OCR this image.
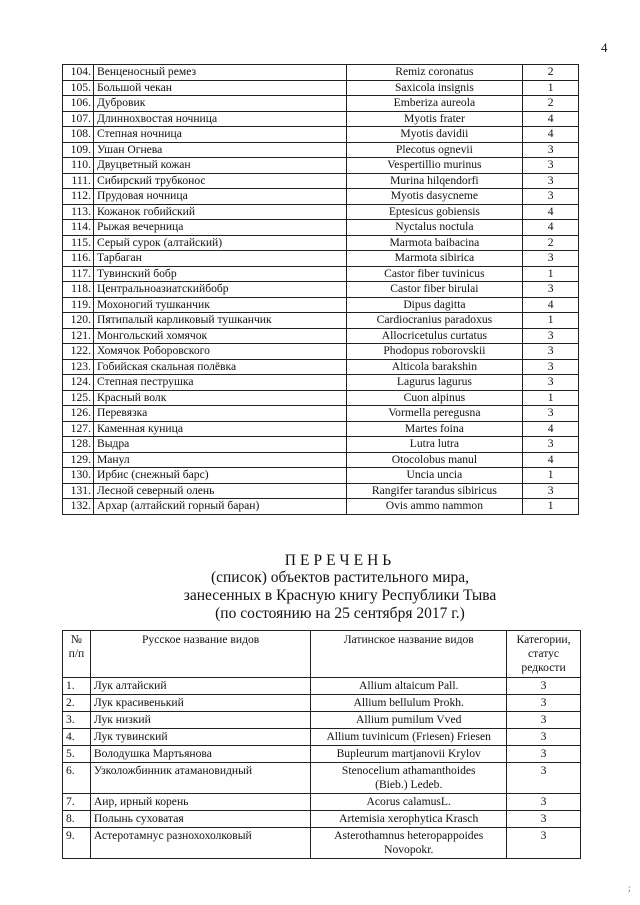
4
104.	Венценосный ремез	Remiz coronatus	2
105.	Большой чекан	Saxicola insignis	1
106.	Дубровик	Emberiza aureola	2
107.	Длиннохвостая ночница	Myotis frater	4
108.	Степная ночница	Myotis davidii	4
109.	Ушан Огнева	Plecotus ognevii	3
110.	Двуцветный кожан	Vespertillio murinus	3
111.	Сибирский трубконос	Murina hilqendorfi	3
112.	Прудовая ночница	Myotis dasycneme	3
113.	Кожанок гобийский	Eptesicus gobiensis	4
114.	Рыжая вечерница	Nyctalus noctula	4
115.	Серый сурок (алтайский)	Marmota baibacina	2
116.	Тарбаган	Marmota sibirica	3
117.	Тувинский бобр	Castor fiber tuvinicus	1
118.	Центральноазиатскийбобр	Castor fiber birulai	3
119.	Мохоногий тушканчик	Dipus dagitta	4
120.	Пятипалый карликовый тушканчик	Cardiocranius paradoxus	1
121.	Монгольский хомячок	Allocricetulus curtatus	3
122.	Хомячок Роборовского	Phodopus roborovskii	3
123.	Гобийская скальная полёвка	Alticola barakshin	3
124.	Степная пеструшка	Lagurus lagurus	3
125.	Красный волк	Cuon alpinus	1
126.	Перевязка	Vormella peregusna	3
127.	Каменная куница	Martes foina	4
128.	Выдра	Lutra lutra	3
129.	Манул	Otocolobus manul	4
130.	Ирбис (снежный барс)	Uncia uncia	1
131.	Лесной северный олень	Rangifer tarandus sibiricus	3
132.	Архар (алтайский горный баран)	Ovis ammo nammon	1
ПЕРЕЧЕНЬ
(список) объектов растительного мира,
занесенных в Красную книгу Республики Тыва
(по состоянию на 25 сентября 2017 г.)
№
п/п	Русское название видов	Латинское название видов	Категории,
статус
редкости
1.	Лук алтайский	Allium altaicum Pall.	3
2.	Лук красивенький	Allium bellulum Prokh.	3
3.	Лук низкий	Allium pumilum Vved	3
4.	Лук тувинский	Allium tuvinicum (Friesen) Friesen	3
5.	Володушка Мартьянова	Bupleurum martjanovii Krylov	3
6.	Узколожбинник атамановидный	Stenocelium athamanthoides
(Bieb.) Ledeb.	3
7.	Аир, ирный корень	Acorus calamusL.	3
8.	Полынь суховатая	Artemisia xerophytica Krasch	3
9.	Астеротамнус разнохохолковый	Asterothamnus heteropappoides
Novopokr.	3
;
